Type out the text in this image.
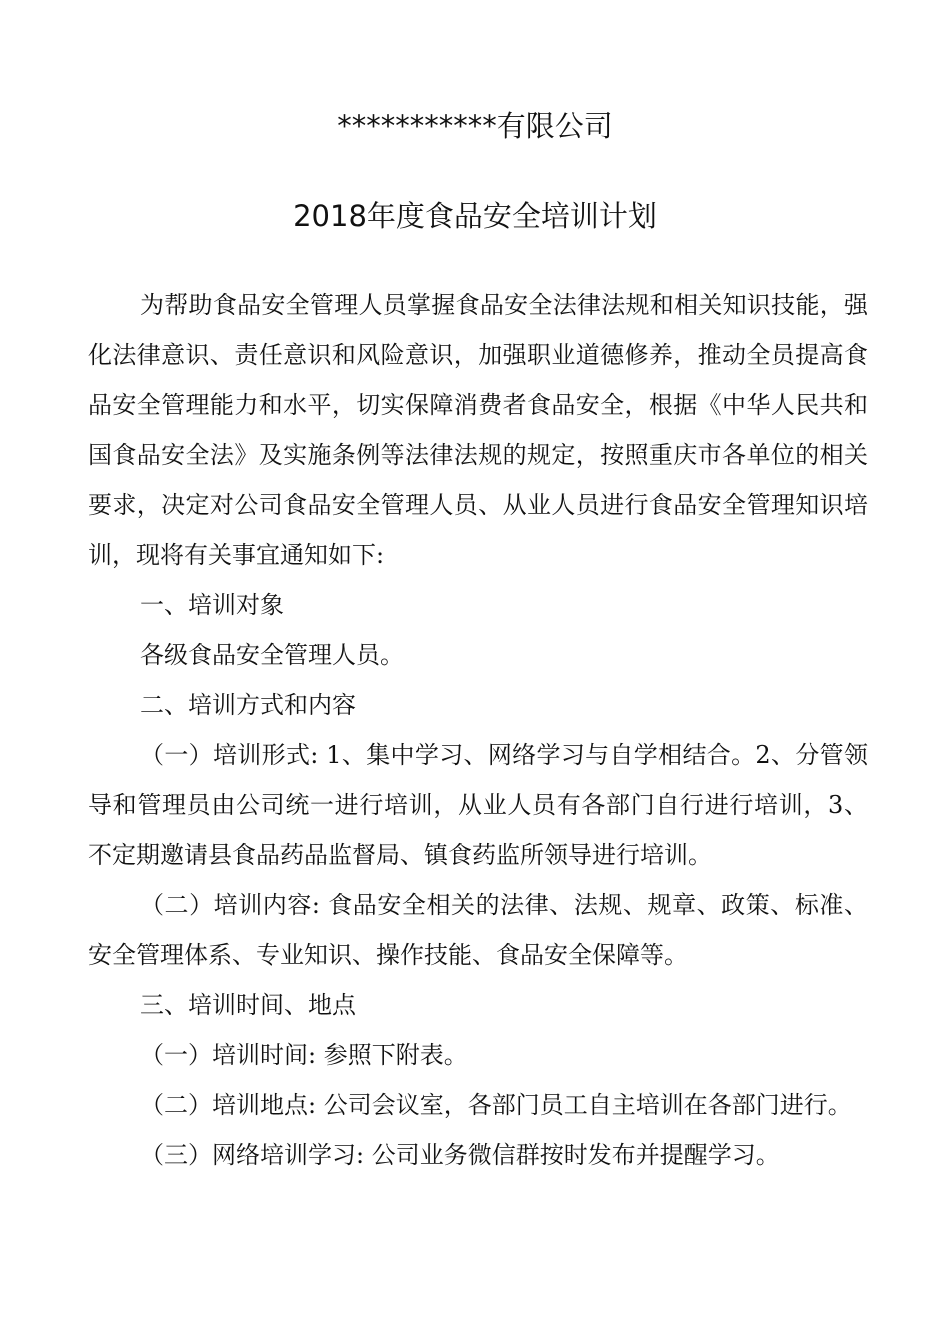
***********有限公司
2018年度食品安全培训计划

为帮助食品安全管理人员掌握食品安全法律法规和相关知识技能，强化法律意识、责任意识和风险意识，加强职业道德修养，推动全员提高食品安全管理能力和水平，切实保障消费者食品安全，根据《中华人民共和国食品安全法》及实施条例等法律法规的规定，按照重庆市各单位的相关要求，决定对公司食品安全管理人员、从业人员进行食品安全管理知识培训，现将有关事宜通知如下:

一、培训对象

各级食品安全管理人员。

二、培训方式和内容

（一）培训形式: 1、集中学习、网络学习与自学相结合。2、分管领导和管理员由公司统一进行培训，从业人员有各部门自行进行培训，3、不定期邀请县食品药品监督局、镇食药监所领导进行培训。

（二）培训内容: 食品安全相关的法律、法规、规章、政策、标准、安全管理体系、专业知识、操作技能、食品安全保障等。

三、培训时间、地点

（一）培训时间: 参照下附表。

（二）培训地点: 公司会议室，各部门员工自主培训在各部门进行。

（三）网络培训学习: 公司业务微信群按时发布并提醒学习。
